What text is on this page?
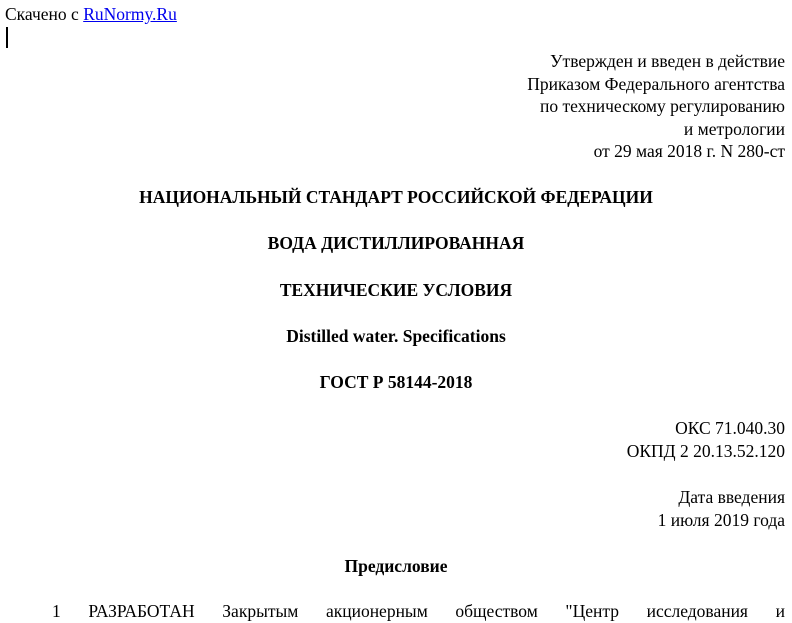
Скачено с RuNormy.Ru
Утвержден и введен в действие
Приказом Федерального агентства
по техническому регулированию
и метрологии
от 29 мая 2018 г. N 280-ст
НАЦИОНАЛЬНЫЙ СТАНДАРТ РОССИЙСКОЙ ФЕДЕРАЦИИ
ВОДА ДИСТИЛЛИРОВАННАЯ
ТЕХНИЧЕСКИЕ УСЛОВИЯ
Distilled water. Specifications
ГОСТ Р 58144-2018
ОКС 71.040.30
ОКПД 2 20.13.52.120
Дата введения
1 июля 2019 года
Предисловие

1 РАЗРАБОТАН Закрытым акционерным обществом "Центр исследования и
